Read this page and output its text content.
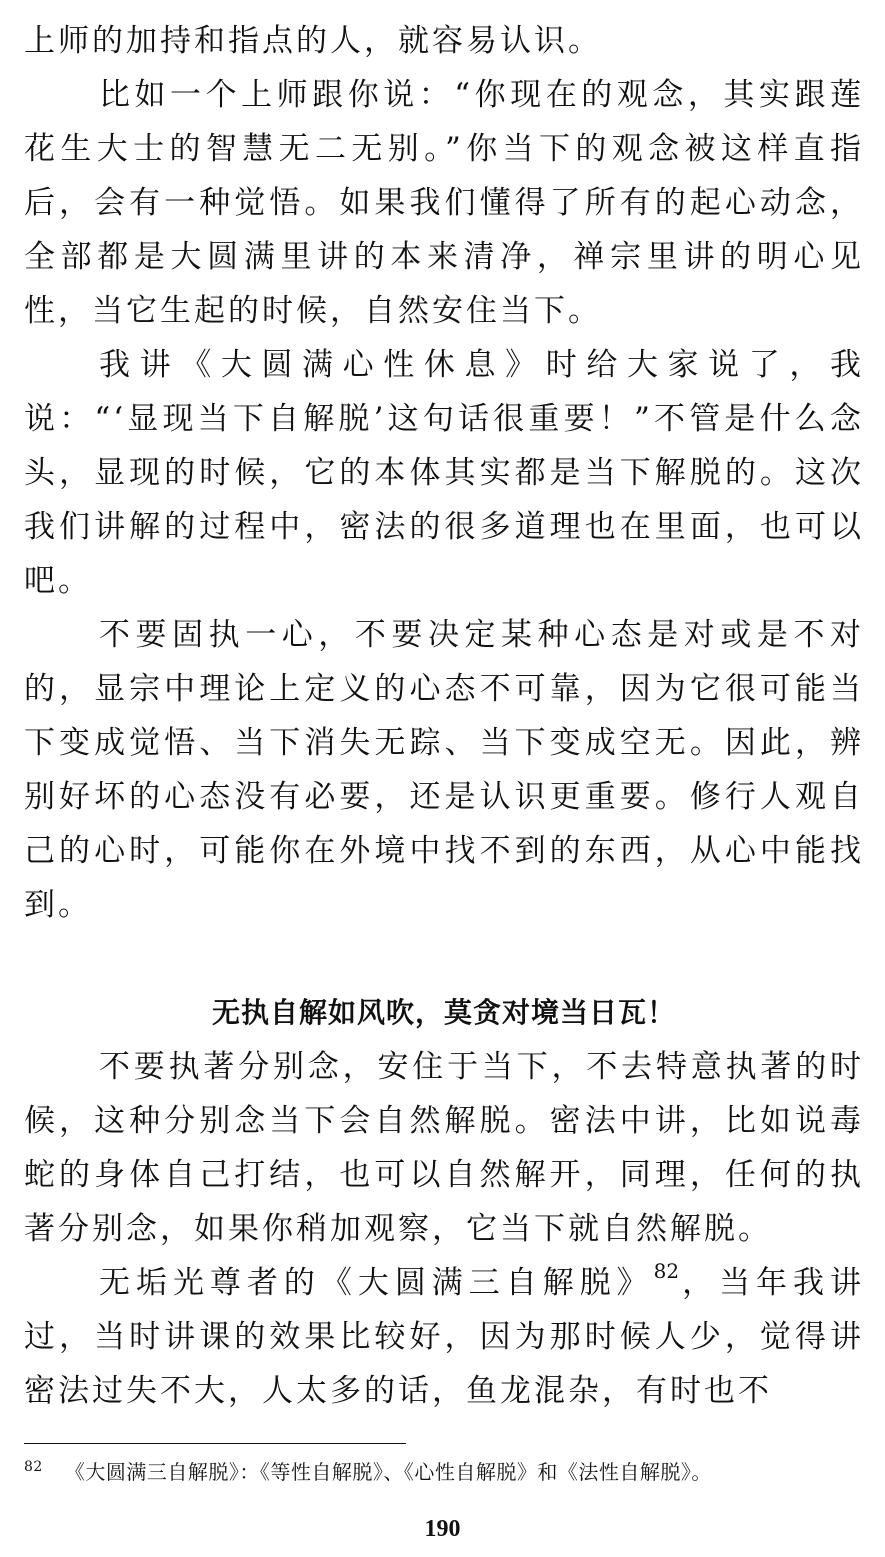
上师的加持和指点的人，就容易认识。

比如一个上师跟你说：“你现在的观念，其实跟莲花生大士的智慧无二无别。”你当下的观念被这样直指后，会有一种觉悟。如果我们懂得了所有的起心动念，全部都是大圆满里讲的本来清净，禅宗里讲的明心见性，当它生起的时候，自然安住当下。

我讲《大圆满心性休息》时给大家说了，我说：“‘显现当下自解脱’这句话很重要！”不管是什么念头，显现的时候，它的本体其实都是当下解脱的。这次我们讲解的过程中，密法的很多道理也在里面，也可以吧。

不要固执一心，不要决定某种心态是对或是不对的，显宗中理论上定义的心态不可靠，因为它很可能当下变成觉悟、当下消失无踪、当下变成空无。因此，辨别好坏的心态没有必要，还是认识更重要。修行人观自己的心时，可能你在外境中找不到的东西，从心中能找到。

无执自解如风吹，莫贪对境当日瓦！

不要执著分别念，安住于当下，不去特意执著的时候，这种分别念当下会自然解脱。密法中讲，比如说毒蛇的身体自己打结，也可以自然解开，同理，任何的执著分别念，如果你稍加观察，它当下就自然解脱。

无垢光尊者的《大圆满三自解脱》$^{82}$，当年我讲过，当时讲课的效果比较好，因为那时候人少，觉得讲密法过失不大，人太多的话，鱼龙混杂，有时也不

$^{82}$ 《大圆满三自解脱》：《等性自解脱》、《心性自解脱》和《法性自解脱》。
190
